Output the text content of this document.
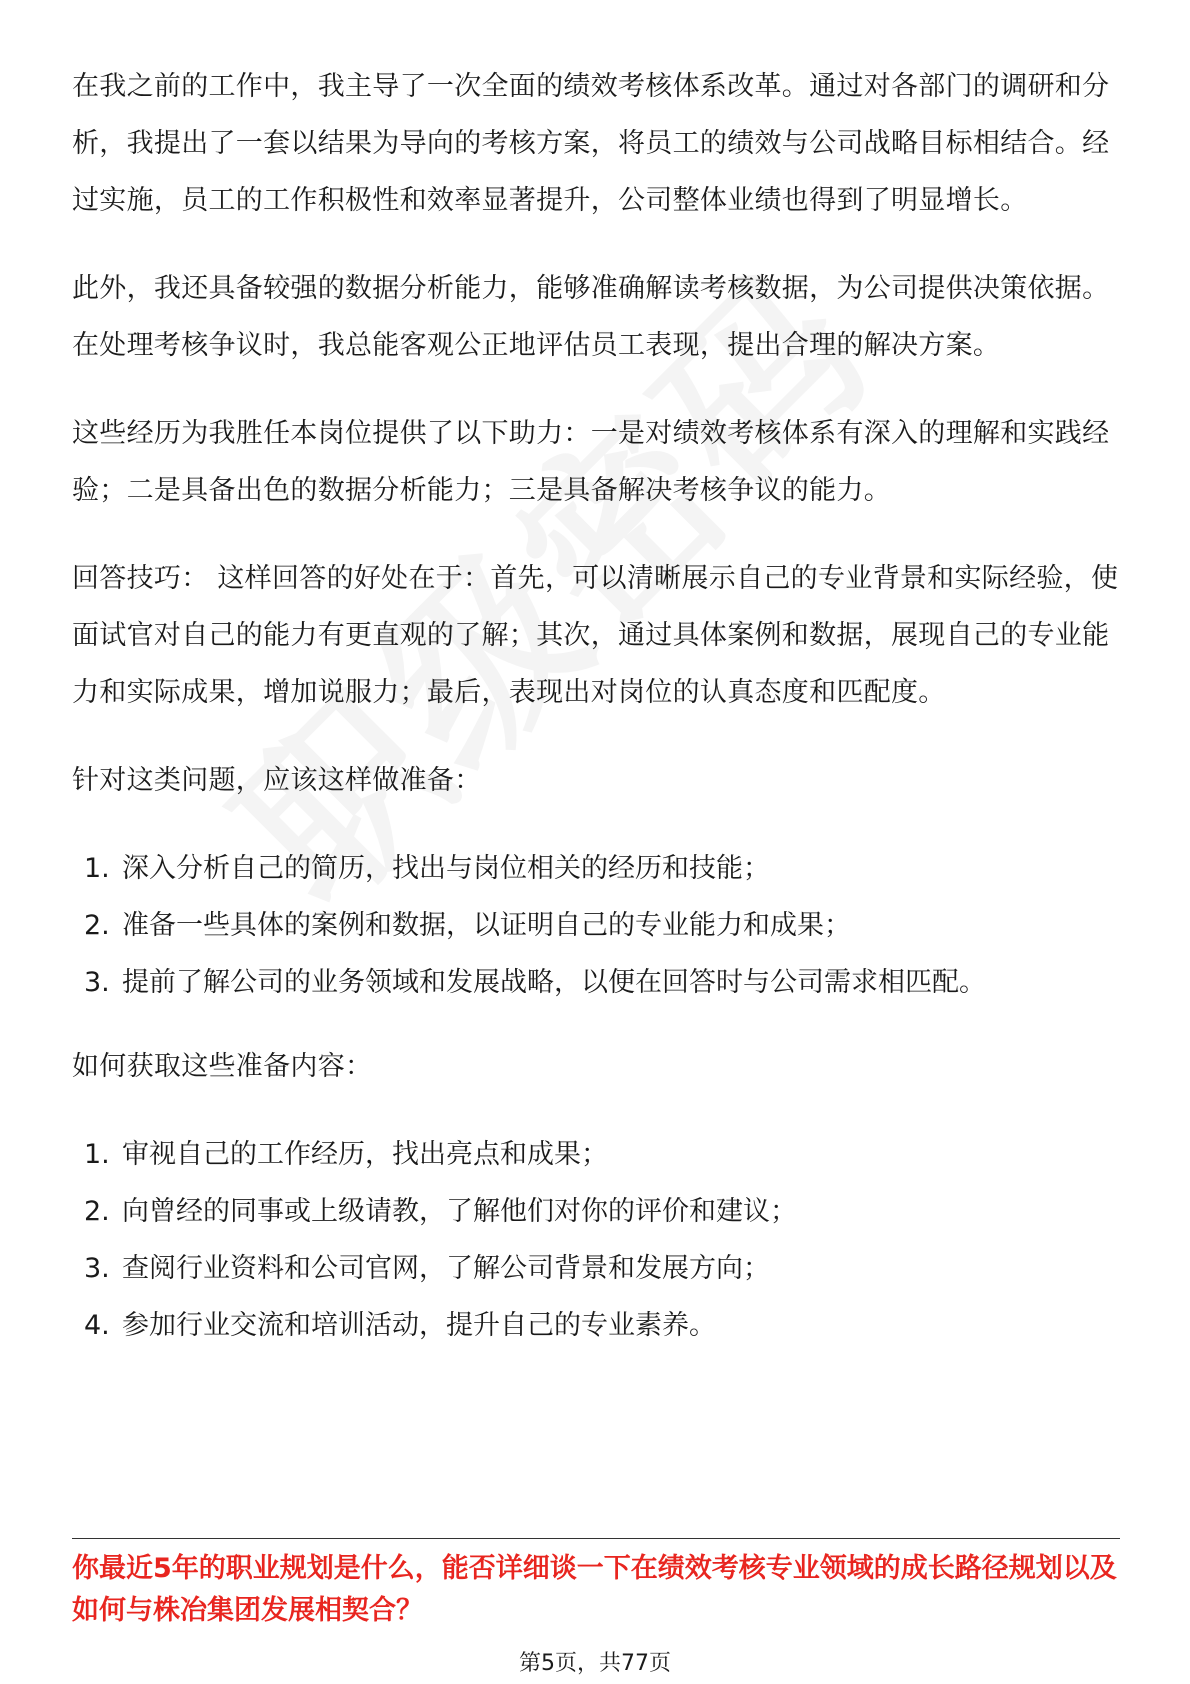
在我之前的工作中，我主导了一次全面的绩效考核体系改革。通过对各部门的调研和分析，我提出了一套以结果为导向的考核方案，将员工的绩效与公司战略目标相结合。经过实施，员工的工作积极性和效率显著提升，公司整体业绩也得到了明显增长。

此外，我还具备较强的数据分析能力，能够准确解读考核数据，为公司提供决策依据。在处理考核争议时，我总能客观公正地评估员工表现，提出合理的解决方案。

这些经历为我胜任本岗位提供了以下助力：一是对绩效考核体系有深入的理解和实践经验；二是具备出色的数据分析能力；三是具备解决考核争议的能力。

回答技巧： 这样回答的好处在于：首先，可以清晰展示自己的专业背景和实际经验，使面试官对自己的能力有更直观的了解；其次，通过具体案例和数据，展现自己的专业能力和实际成果，增加说服力；最后，表现出对岗位的认真态度和匹配度。

针对这类问题，应该这样做准备：

1. 深入分析自己的简历，找出与岗位相关的经历和技能；
2. 准备一些具体的案例和数据，以证明自己的专业能力和成果；
3. 提前了解公司的业务领域和发展战略，以便在回答时与公司需求相匹配。

如何获取这些准备内容：

1. 审视自己的工作经历，找出亮点和成果；
2. 向曾经的同事或上级请教，了解他们对你的评价和建议；
3. 查阅行业资料和公司官网，了解公司背景和发展方向；
4. 参加行业交流和培训活动，提升自己的专业素养。

你最近5年的职业规划是什么，能否详细谈一下在绩效考核专业领域的成长路径规划以及如何与株冶集团发展相契合？

第5页，共77页
